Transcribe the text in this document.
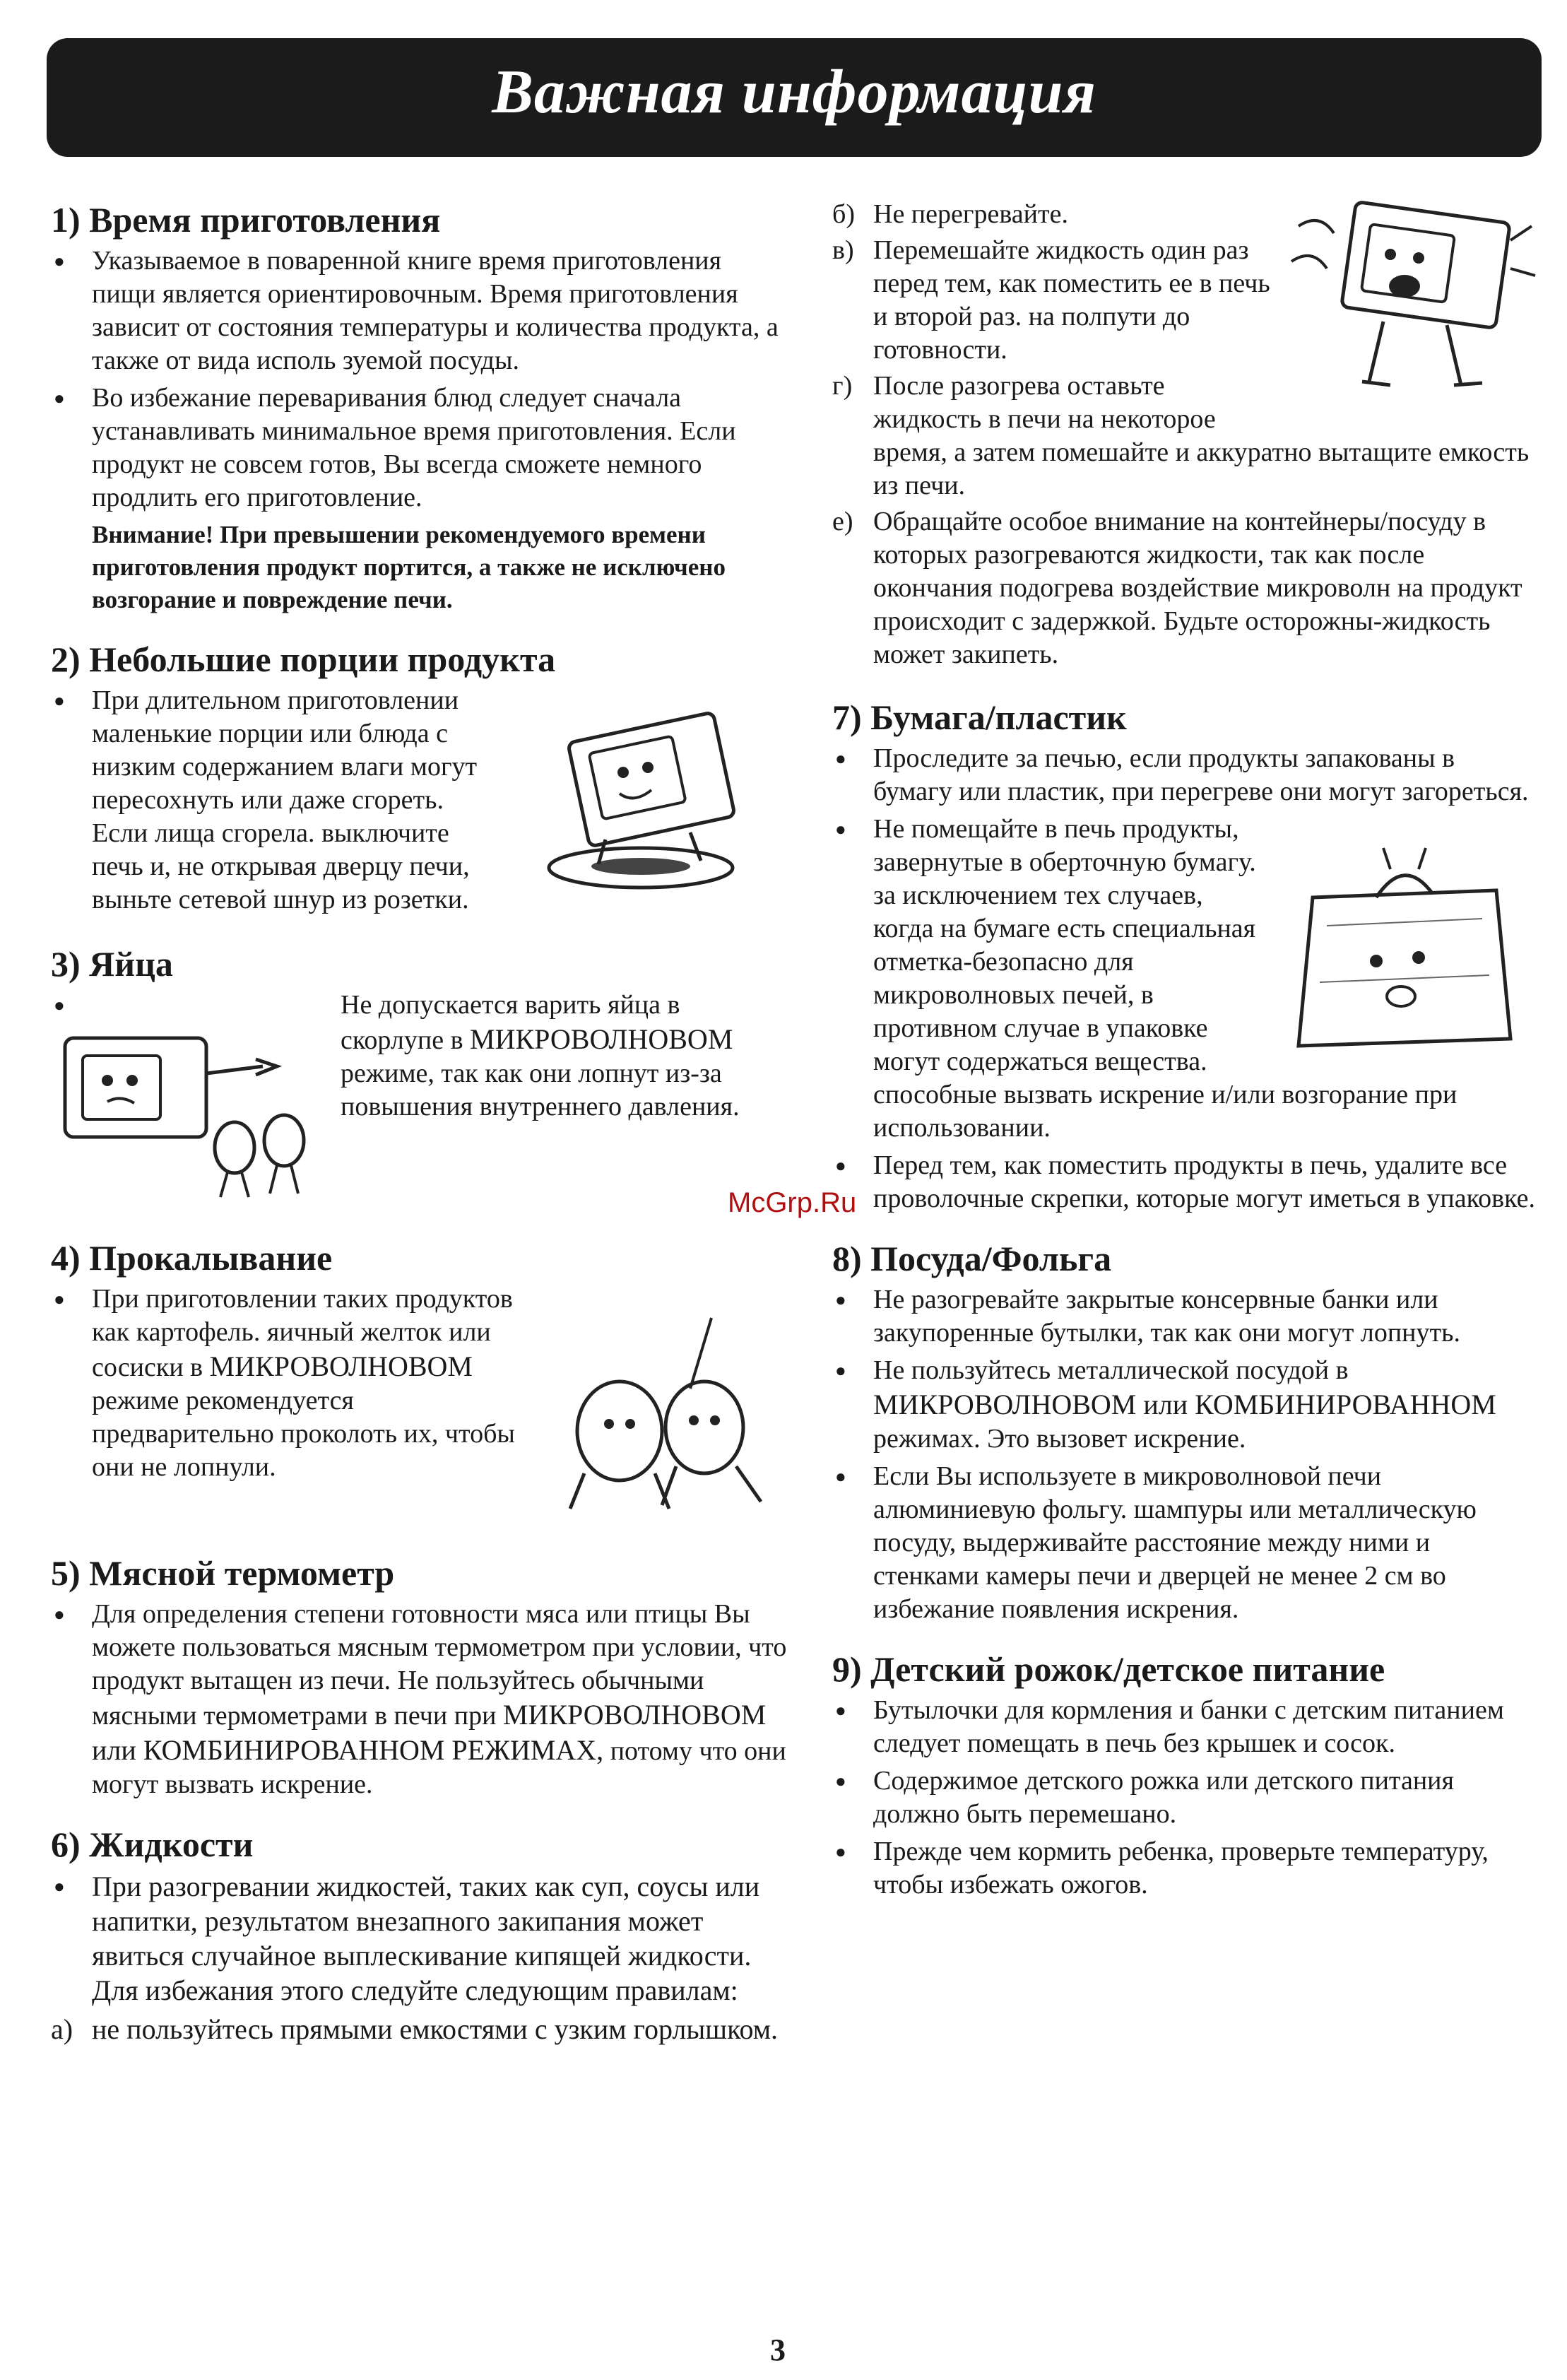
Важная информация
1) Время приготовления
● Указываемое в поваренной книге время приготовления пищи является ориентировочным. Время приготовления зависит от состояния температуры и количества продукта, а также от вида исполь зуемой посуды.
● Во избежание переваривания блюд следует сначала устанавливать минимальное время приготовления. Если продукт не совсем готов, Вы всегда сможете немного продлить его приготовление.
Внимание! При превышении рекомендуемого времени приготовления продукт портится, а также не исключено возгорание и повреждение печи.
2) Небольшие порции продукта
● При длительном приготовлении маленькие порции или блюда с низким содержанием влаги могут пересохнуть или даже сгореть. Если лища сгорела. выключите печь и, не открывая дверцу печи, выньте сетевой шнур из розетки.
3) Яйца
● Не допускается варить яйца в скорлупе в МИКРОВОЛНОВОМ режиме, так как они лопнут из-за повышения внутреннего давления.
4) Прокалывание
● При приготовлении таких продуктов как картофель. яичный желток или сосиски в МИКРОВОЛНОВОМ режиме рекомендуется предварительно проколоть их, чтобы они не лопнули.
5) Мясной термометр
● Для определения степени готовности мяса или птицы Вы можете пользоваться мясным термометром при условии, что продукт вытащен из печи. Не пользуйтесь обычными мясными термометрами в печи при МИКРОВОЛНОВОМ или КОМБИНИРОВАННОМ РЕЖИМАХ, потому что они могут вызвать искрение.
6) Жидкости
● При разогревании жидкостей, таких как суп, соусы или напитки, результатом внезапного закипания может явиться случайное выплескивание кипящей жидкости. Для избежания этого следуйте следующим правилам:
а) не пользуйтесь прямыми емкостями с узким горлышком.
б) Не перегревайте.
в) Перемешайте жидкость один раз перед тем, как поместить ее в печь и второй раз. на полпути до готовности.
г) После разогрева оставьте жидкость в печи на некоторое время, а затем помешайте и аккуратно вытащите емкость из печи.
е) Обращайте особое внимание на контейнеры/посуду в которых разогреваются жидкости, так как после окончания подогрева воздействие микроволн на продукт происходит с задержкой. Будьте осторожны-жидкость может закипеть.
7) Бумага/пластик
● Проследите за печью, если продукты запакованы в бумагу или пластик, при перегреве они могут загореться.
● Не помещайте в печь продукты, завернутые в оберточную бумагу. за исключением тех случаев, когда на бумаге есть специальная отметка-безопасно для микроволновых печей, в противном случае в упаковке могут содержаться вещества. способные вызвать искрение и/или возгорание при использовании.
● Перед тем, как поместить продукты в печь, удалите все проволочные скрепки, которые могут иметься в упаковке.
8) Посуда/Фольга
● Не разогревайте закрытые консервные банки или закупоренные бутылки, так как они могут лопнуть.
● Не пользуйтесь металлической посудой в МИКРОВОЛНОВОМ или КОМБИНИРОВАННОМ режимах. Это вызовет искрение.
● Если Вы используете в микроволновой печи алюминиевую фольгу. шампуры или металлическую посуду, выдерживайте расстояние между ними и стенками камеры печи и дверцей не менее 2 см во избежание появления искрения.
9) Детский рожок/детское питание
● Бутылочки для кормления и банки с детским питанием следует помещать в печь без крышек и сосок.
● Содержимое детского рожка или детского питания должно быть перемешано.
● Прежде чем кормить ребенка, проверьте температуру, чтобы избежать ожогов.
McGrp.Ru
3
